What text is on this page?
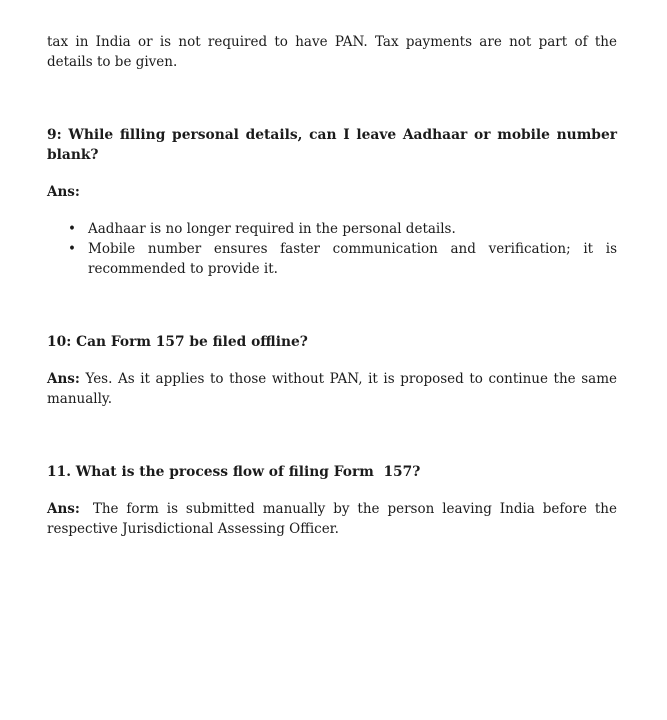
tax in India or is not required to have PAN. Tax payments are not part of the details to be given.

9: While filling personal details, can I leave Aadhaar or mobile number blank?

Ans:

• Aadhaar is no longer required in the personal details.
• Mobile number ensures faster communication and verification; it is recommended to provide it.
10: Can Form 157 be filed offline?

Ans: Yes. As it applies to those without PAN, it is proposed to continue the same manually.

11. What is the process flow of filing Form  157?

Ans: The form is submitted manually by the person leaving India before the respective Jurisdictional Assessing Officer.
